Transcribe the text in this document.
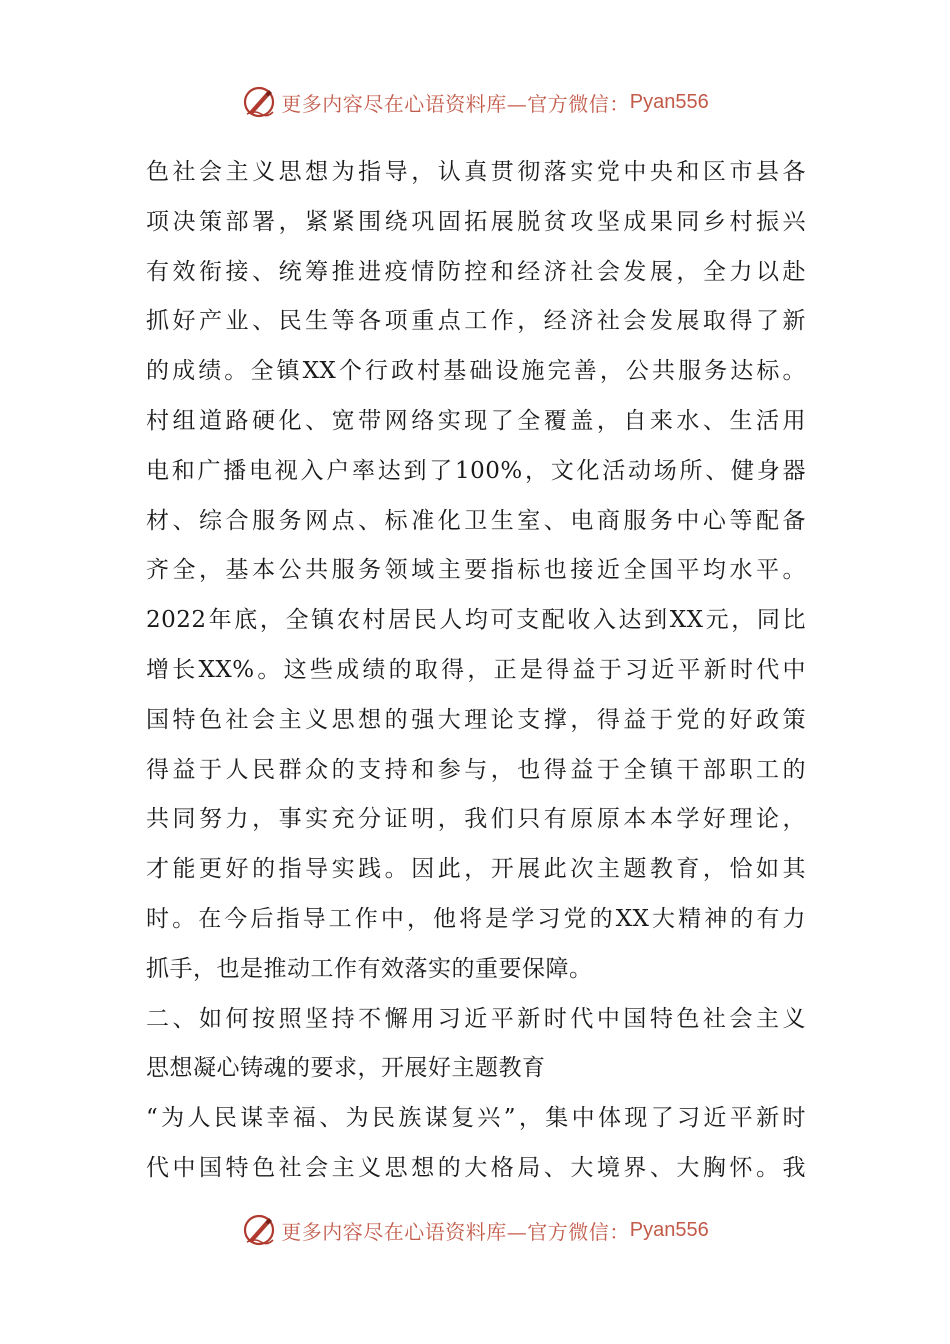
更多内容尽在心语资料库—官方微信： Pyan556
色社会主义思想为指导，认真贯彻落实党中央和区市县各
项决策部署，紧紧围绕巩固拓展脱贫攻坚成果同乡村振兴
有效衔接、统筹推进疫情防控和经济社会发展，全力以赴
抓好产业、民生等各项重点工作，经济社会发展取得了新
的成绩。全镇XX个行政村基础设施完善，公共服务达标。
村组道路硬化、宽带网络实现了全覆盖，自来水、生活用
电和广播电视入户率达到了100%，文化活动场所、健身器
材、综合服务网点、标准化卫生室、电商服务中心等配备
齐全，基本公共服务领域主要指标也接近全国平均水平。
2022年底，全镇农村居民人均可支配收入达到XX元，同比
增长XX%。这些成绩的取得，正是得益于习近平新时代中
国特色社会主义思想的强大理论支撑，得益于党的好政策
得益于人民群众的支持和参与，也得益于全镇干部职工的
共同努力，事实充分证明，我们只有原原本本学好理论，
才能更好的指导实践。因此，开展此次主题教育，恰如其
时。在今后指导工作中，他将是学习党的XX大精神的有力
抓手，也是推动工作有效落实的重要保障。
二、如何按照坚持不懈用习近平新时代中国特色社会主义
思想凝心铸魂的要求，开展好主题教育
“为人民谋幸福、为民族谋复兴”，集中体现了习近平新时
代中国特色社会主义思想的大格局、大境界、大胸怀。我
更多内容尽在心语资料库—官方微信： Pyan556
